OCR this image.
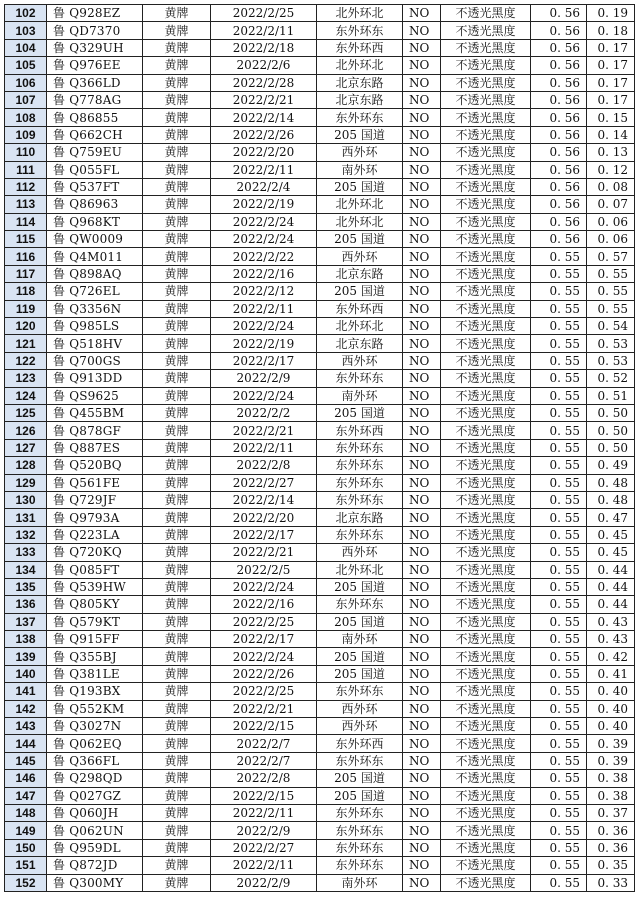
102	鲁 Q928EZ	黄牌	2022/2/25	北外环北	NO	不透光黑度	0. 56	0. 19
103	鲁 QD7370	黄牌	2022/2/11	东外环东	NO	不透光黑度	0. 56	0. 18
104	鲁 Q329UH	黄牌	2022/2/18	东外环西	NO	不透光黑度	0. 56	0. 17
105	鲁 Q976EE	黄牌	2022/2/6	北外环北	NO	不透光黑度	0. 56	0. 17
106	鲁 Q366LD	黄牌	2022/2/28	北京东路	NO	不透光黑度	0. 56	0. 17
107	鲁 Q778AG	黄牌	2022/2/21	北京东路	NO	不透光黑度	0. 56	0. 17
108	鲁 Q86855	黄牌	2022/2/14	东外环东	NO	不透光黑度	0. 56	0. 15
109	鲁 Q662CH	黄牌	2022/2/26	205 国道	NO	不透光黑度	0. 56	0. 14
110	鲁 Q759EU	黄牌	2022/2/20	西外环	NO	不透光黑度	0. 56	0. 13
111	鲁 Q055FL	黄牌	2022/2/11	南外环	NO	不透光黑度	0. 56	0. 12
112	鲁 Q537FT	黄牌	2022/2/4	205 国道	NO	不透光黑度	0. 56	0. 08
113	鲁 Q86963	黄牌	2022/2/19	北外环北	NO	不透光黑度	0. 56	0. 07
114	鲁 Q968KT	黄牌	2022/2/24	北外环北	NO	不透光黑度	0. 56	0. 06
115	鲁 QW0009	黄牌	2022/2/24	205 国道	NO	不透光黑度	0. 56	0. 06
116	鲁 Q4M011	黄牌	2022/2/22	西外环	NO	不透光黑度	0. 55	0. 57
117	鲁 Q898AQ	黄牌	2022/2/16	北京东路	NO	不透光黑度	0. 55	0. 55
118	鲁 Q726EL	黄牌	2022/2/12	205 国道	NO	不透光黑度	0. 55	0. 55
119	鲁 Q3356N	黄牌	2022/2/11	东外环西	NO	不透光黑度	0. 55	0. 55
120	鲁 Q985LS	黄牌	2022/2/24	北外环北	NO	不透光黑度	0. 55	0. 54
121	鲁 Q518HV	黄牌	2022/2/19	北京东路	NO	不透光黑度	0. 55	0. 53
122	鲁 Q700GS	黄牌	2022/2/17	西外环	NO	不透光黑度	0. 55	0. 53
123	鲁 Q913DD	黄牌	2022/2/9	东外环东	NO	不透光黑度	0. 55	0. 52
124	鲁 QS9625	黄牌	2022/2/24	南外环	NO	不透光黑度	0. 55	0. 51
125	鲁 Q455BM	黄牌	2022/2/2	205 国道	NO	不透光黑度	0. 55	0. 50
126	鲁 Q878GF	黄牌	2022/2/21	东外环西	NO	不透光黑度	0. 55	0. 50
127	鲁 Q887ES	黄牌	2022/2/11	东外环东	NO	不透光黑度	0. 55	0. 50
128	鲁 Q520BQ	黄牌	2022/2/8	东外环东	NO	不透光黑度	0. 55	0. 49
129	鲁 Q561FE	黄牌	2022/2/27	东外环东	NO	不透光黑度	0. 55	0. 48
130	鲁 Q729JF	黄牌	2022/2/14	东外环东	NO	不透光黑度	0. 55	0. 48
131	鲁 Q9793A	黄牌	2022/2/20	北京东路	NO	不透光黑度	0. 55	0. 47
132	鲁 Q223LA	黄牌	2022/2/17	东外环东	NO	不透光黑度	0. 55	0. 45
133	鲁 Q720KQ	黄牌	2022/2/21	西外环	NO	不透光黑度	0. 55	0. 45
134	鲁 Q085FT	黄牌	2022/2/5	北外环北	NO	不透光黑度	0. 55	0. 44
135	鲁 Q539HW	黄牌	2022/2/24	205 国道	NO	不透光黑度	0. 55	0. 44
136	鲁 Q805KY	黄牌	2022/2/16	东外环东	NO	不透光黑度	0. 55	0. 44
137	鲁 Q579KT	黄牌	2022/2/25	205 国道	NO	不透光黑度	0. 55	0. 43
138	鲁 Q915FF	黄牌	2022/2/17	南外环	NO	不透光黑度	0. 55	0. 43
139	鲁 Q355BJ	黄牌	2022/2/24	205 国道	NO	不透光黑度	0. 55	0. 42
140	鲁 Q381LE	黄牌	2022/2/26	205 国道	NO	不透光黑度	0. 55	0. 41
141	鲁 Q193BX	黄牌	2022/2/25	东外环东	NO	不透光黑度	0. 55	0. 40
142	鲁 Q552KM	黄牌	2022/2/21	西外环	NO	不透光黑度	0. 55	0. 40
143	鲁 Q3027N	黄牌	2022/2/15	西外环	NO	不透光黑度	0. 55	0. 40
144	鲁 Q062EQ	黄牌	2022/2/7	东外环西	NO	不透光黑度	0. 55	0. 39
145	鲁 Q366FL	黄牌	2022/2/7	东外环东	NO	不透光黑度	0. 55	0. 39
146	鲁 Q298QD	黄牌	2022/2/8	205 国道	NO	不透光黑度	0. 55	0. 38
147	鲁 Q027GZ	黄牌	2022/2/15	205 国道	NO	不透光黑度	0. 55	0. 38
148	鲁 Q060JH	黄牌	2022/2/11	东外环东	NO	不透光黑度	0. 55	0. 37
149	鲁 Q062UN	黄牌	2022/2/9	东外环东	NO	不透光黑度	0. 55	0. 36
150	鲁 Q959DL	黄牌	2022/2/27	东外环东	NO	不透光黑度	0. 55	0. 36
151	鲁 Q872JD	黄牌	2022/2/11	东外环东	NO	不透光黑度	0. 55	0. 35
152	鲁 Q300MY	黄牌	2022/2/9	南外环	NO	不透光黑度	0. 55	0. 33
